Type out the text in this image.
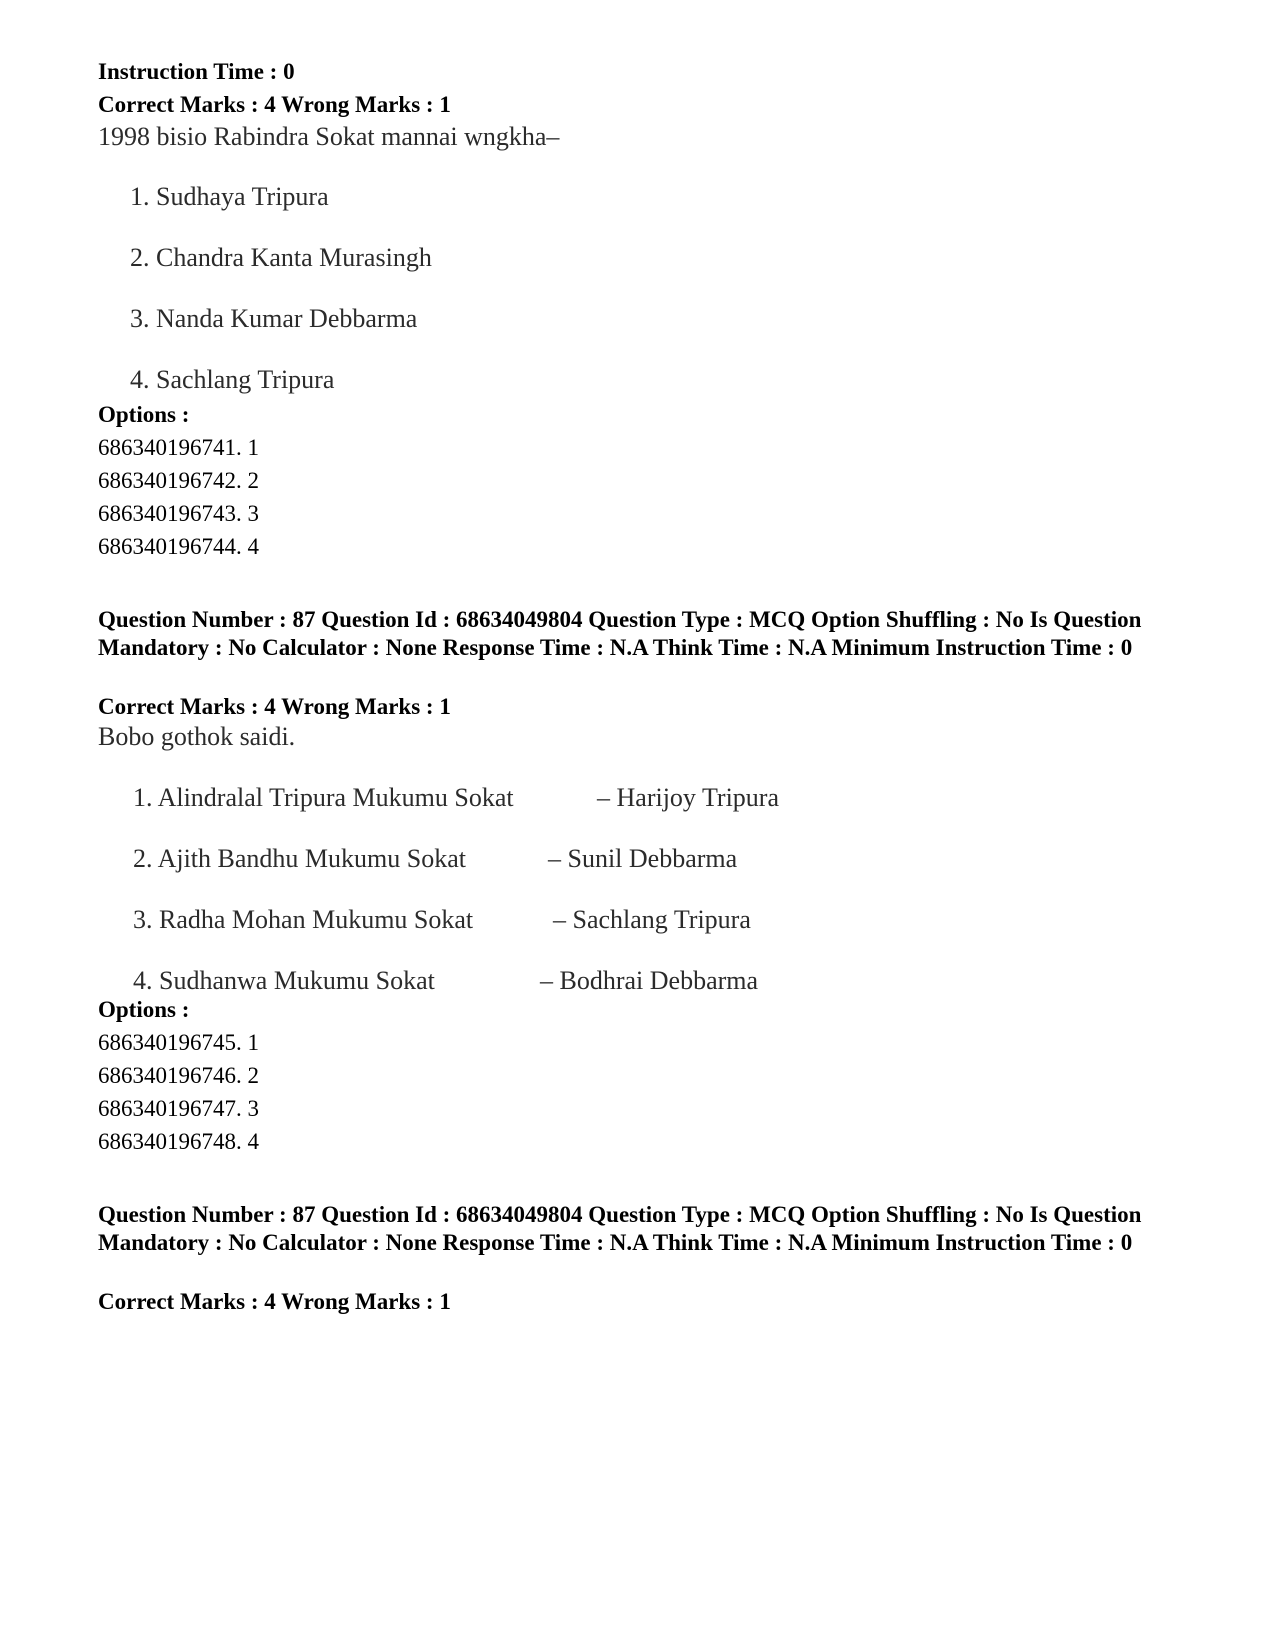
Instruction Time : 0
Correct Marks : 4 Wrong Marks : 1
1998 bisio Rabindra Sokat mannai wngkha–
1. Sudhaya Tripura
2. Chandra Kanta Murasingh
3. Nanda Kumar Debbarma
4. Sachlang Tripura
Options :
686340196741. 1
686340196742. 2
686340196743. 3
686340196744. 4
Question Number : 87 Question Id : 68634049804 Question Type : MCQ Option Shuffling : No Is Question Mandatory : No Calculator : None Response Time : N.A Think Time : N.A Minimum Instruction Time : 0
Correct Marks : 4 Wrong Marks : 1
Bobo gothok saidi.
1. Alindralal Tripura Mukumu Sokat	– Harijoy Tripura
2. Ajith Bandhu Mukumu Sokat	– Sunil Debbarma
3. Radha Mohan Mukumu Sokat	– Sachlang Tripura
4. Sudhanwa Mukumu Sokat	– Bodhrai Debbarma
Options :
686340196745. 1
686340196746. 2
686340196747. 3
686340196748. 4
Question Number : 87 Question Id : 68634049804 Question Type : MCQ Option Shuffling : No Is Question Mandatory : No Calculator : None Response Time : N.A Think Time : N.A Minimum Instruction Time : 0
Correct Marks : 4 Wrong Marks : 1
